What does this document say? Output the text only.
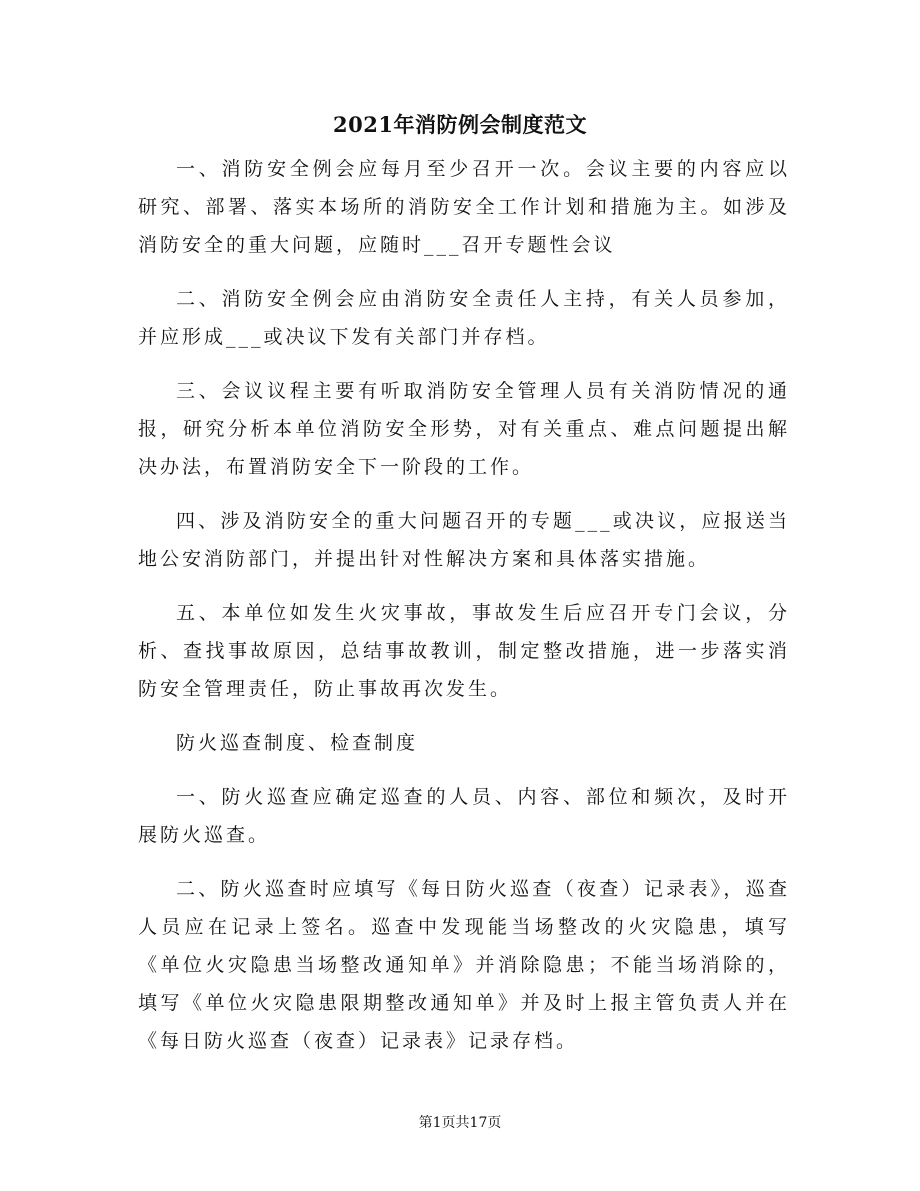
2021年消防例会制度范文

一、消防安全例会应每月至少召开一次。会议主要的内容应以研究、部署、落实本场所的消防安全工作计划和措施为主。如涉及消防安全的重大问题，应随时___召开专题性会议

二、消防安全例会应由消防安全责任人主持，有关人员参加，并应形成___或决议下发有关部门并存档。

三、会议议程主要有听取消防安全管理人员有关消防情况的通报，研究分析本单位消防安全形势，对有关重点、难点问题提出解决办法，布置消防安全下一阶段的工作。

四、涉及消防安全的重大问题召开的专题___或决议，应报送当地公安消防部门，并提出针对性解决方案和具体落实措施。

五、本单位如发生火灾事故，事故发生后应召开专门会议，分析、查找事故原因，总结事故教训，制定整改措施，进一步落实消防安全管理责任，防止事故再次发生。

防火巡查制度、检查制度

一、防火巡查应确定巡查的人员、内容、部位和频次，及时开展防火巡查。

二、防火巡查时应填写《每日防火巡查（夜查）记录表》，巡查人员应在记录上签名。巡查中发现能当场整改的火灾隐患，填写《单位火灾隐患当场整改通知单》并消除隐患；不能当场消除的，填写《单位火灾隐患限期整改通知单》并及时上报主管负责人并在《每日防火巡查（夜查）记录表》记录存档。

第1页共17页
